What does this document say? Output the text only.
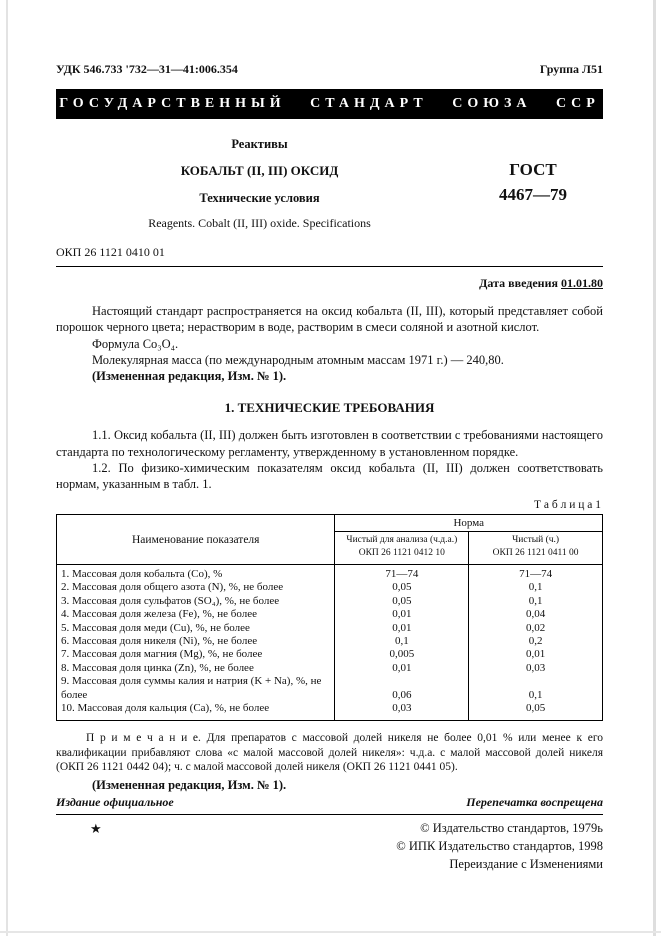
УДК 546.733 '732—31—41:006.354	Группа Л51
ГОСУДАРСТВЕННЫЙ СТАНДАРТ СОЮЗА ССР
Реактивы
КОБАЛЬТ (II, III) ОКСИД
Технические условия
Reagents. Cobalt (II, III) oxide. Specifications
ГОСТ
4467—79
ОКП 26 1121 0410 01
Дата введения 01.01.80

Настоящий стандарт распространяется на оксид кобальта (II, III), который представляет собой порошок черного цвета; нерастворим в воде, растворим в смеси соляной и азотной кислот.

Формула Co₃O₄.

Молекулярная масса (по международным атомным массам 1971 г.) — 240,80.

(Измененная редакция, Изм. № 1).

1. ТЕХНИЧЕСКИЕ ТРЕБОВАНИЯ

1.1. Оксид кобальта (II, III) должен быть изготовлен в соответствии с требованиями настоящего стандарта по технологическому регламенту, утвержденному в установленном порядке.

1.2. По физико-химическим показателям оксид кобальта (II, III) должен соответствовать нормам, указанным в табл. 1.

Т а б л и ц а 1
Наименование показателя	Норма	

Чистый для анализа (ч.д.а.)
ОКП 26 1121 0412 10

Чистый (ч.)
ОКП 26 1121 0411 00

1. Массовая доля кобальта (Co), %	71—74	71—74
2. Массовая доля общего азота (N), %, не более	0,05	0,1
3. Массовая доля сульфатов (SO₄), %, не более	0,05	0,1
4. Массовая доля железа (Fe), %, не более	0,01	0,04
5. Массовая доля меди (Cu), %, не более	0,01	0,02
6. Массовая доля никеля (Ni), %, не более	0,1	0,2
7. Массовая доля магния (Mg), %, не более	0,005	0,01
8. Массовая доля цинка (Zn), %, не более	0,01	0,03
9. Массовая доля суммы калия и натрия (K + Na), %, не более	0,06	0,1
10. Массовая доля кальция (Ca), %, не более	0,03	0,05

П р и м е ч а н и е. Для препаратов с массовой долей никеля не более 0,01 % или менее к его квалификации прибавляют слова «с малой массовой долей никеля»: ч.д.а. с малой массовой долей никеля (ОКП 26 1121 0442 04); ч. с малой массовой долей никеля (ОКП 26 1121 0441 05).

(Измененная редакция, Изм. № 1).

Издание официальное	Перепечатка воспрещена
★	© Издательство стандартов, 1979ь
© ИПК Издательство стандартов, 1998
Переиздание с Изменениями
